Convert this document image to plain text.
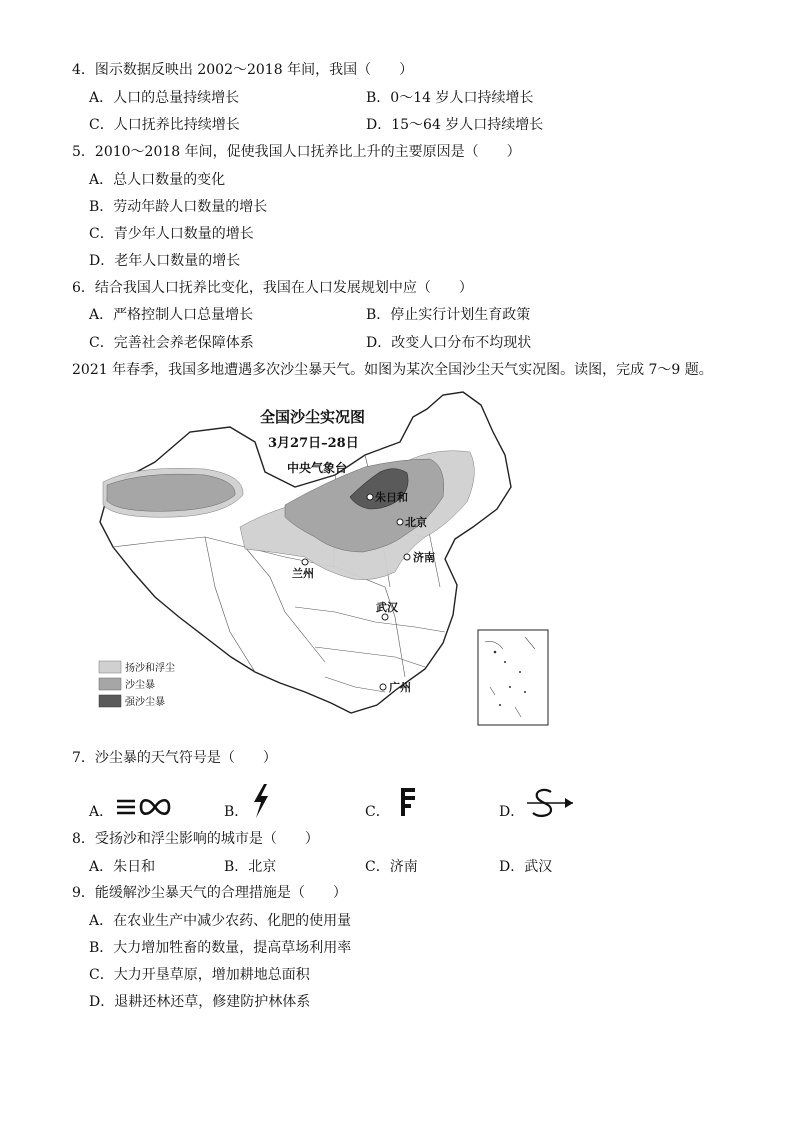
4．图示数据反映出 2002～2018 年间，我国（　　）
A．人口的总量持续增长	B．0～14 岁人口持续增长
C．人口抚养比持续增长	D．15～64 岁人口持续增长
5．2010～2018 年间，促使我国人口抚养比上升的主要原因是（　　）
A．总人口数量的变化
B．劳动年龄人口数量的增长
C．青少年人口数量的增长
D．老年人口数量的增长
6．结合我国人口抚养比变化，我国在人口发展规划中应（　　）
A．严格控制人口总量增长	B．停止实行计划生育政策
C．完善社会养老保障体系	D．改变人口分布不均现状
2021 年春季，我国多地遭遇多次沙尘暴天气。如图为某次全国沙尘天气实况图。读图，完成 7～9 题。
朱日和
北京
兰州
济南
武汉
广州
全国沙尘实况图
3月27日–28日
中央气象台
扬沙和浮尘
沙尘暴
强沙尘暴
7．沙尘暴的天气符号是（　　）
A．	B．	C．	D．
8．受扬沙和浮尘影响的城市是（　　）
A．朱日和	B．北京	C．济南	D．武汉
9．能缓解沙尘暴天气的合理措施是（　　）
A．在农业生产中减少农药、化肥的使用量
B．大力增加牲畜的数量，提高草场利用率
C．大力开垦草原，增加耕地总面积
D．退耕还林还草，修建防护林体系
